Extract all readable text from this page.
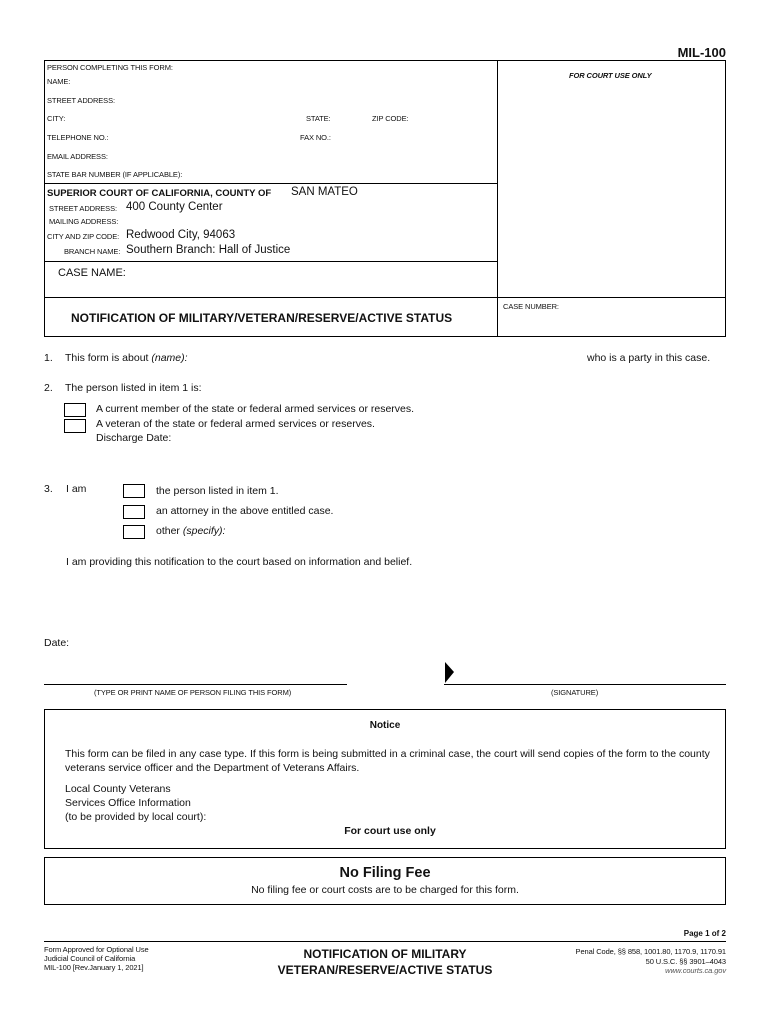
MIL-100
PERSON COMPLETING THIS FORM:
NAME:
STREET ADDRESS:
CITY:	STATE:	ZIP CODE:
TELEPHONE NO.:	FAX NO.:
EMAIL ADDRESS:
STATE BAR NUMBER (IF APPLICABLE):
FOR COURT USE ONLY
SUPERIOR COURT OF CALIFORNIA, COUNTY OF SAN MATEO
STREET ADDRESS: 400 County Center
MAILING ADDRESS:
CITY AND ZIP CODE: Redwood City, 94063
BRANCH NAME: Southern Branch: Hall of Justice
CASE NAME:
NOTIFICATION OF MILITARY/VETERAN/RESERVE/ACTIVE STATUS
CASE NUMBER:
1. This form is about (name):	who is a party in this case.
2. The person listed in item 1 is:
A current member of the state or federal armed services or reserves.
A veteran of the state or federal armed services or reserves.
Discharge Date:
3. I am	the person listed in item 1.
an attorney in the above entitled case.
other (specify):
I am providing this notification to the court based on information and belief.
Date:
(TYPE OR PRINT NAME OF PERSON FILING THIS FORM)	(SIGNATURE)
Notice
This form can be filed in any case type. If this form is being submitted in a criminal case, the court will send copies of the form to the county veterans service officer and the Department of Veterans Affairs.
Local County Veterans
Services Office Information
(to be provided by local court):
For court use only
No Filing Fee
No filing fee or court costs are to be charged for this form.
Page 1 of 2
Form Approved for Optional Use
Judicial Council of California
MIL-100 [Rev.January 1, 2021]
NOTIFICATION OF MILITARY
VETERAN/RESERVE/ACTIVE STATUS
Penal Code, §§ 858, 1001.80, 1170.9, 1170.91
50 U.S.C. §§ 3901–4043
www.courts.ca.gov
